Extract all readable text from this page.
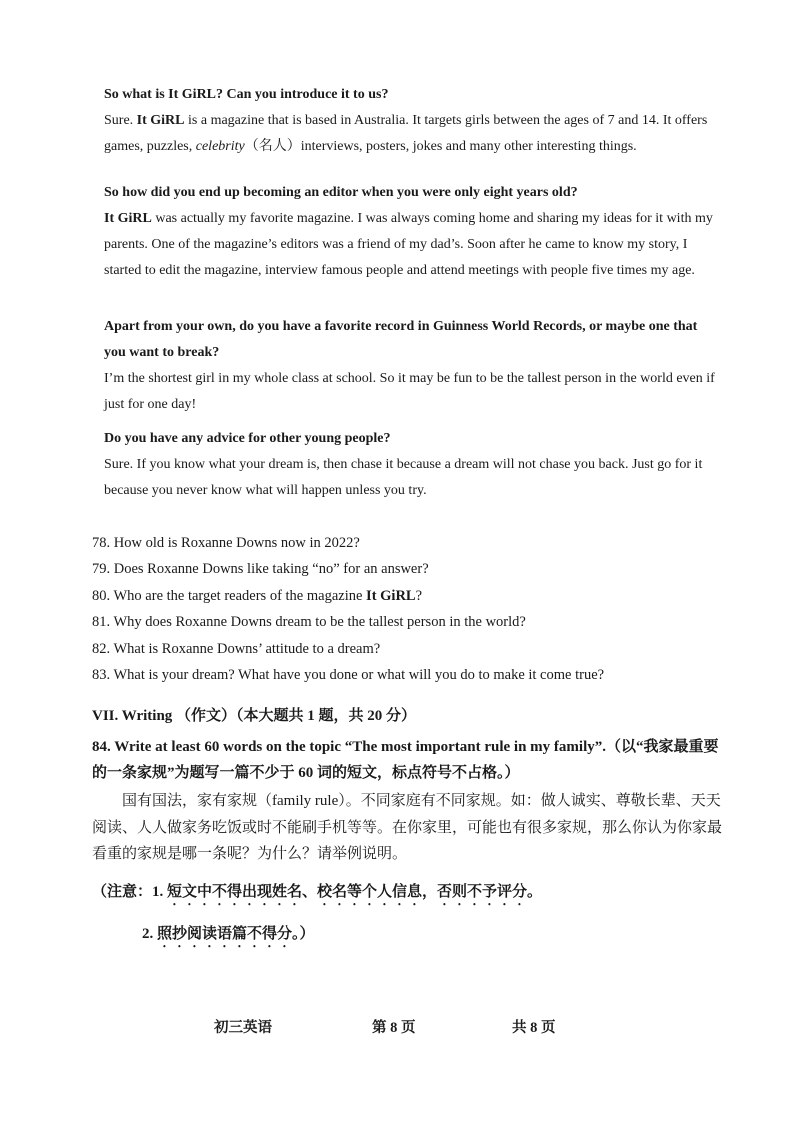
So what is It GiRL? Can you introduce it to us?

Sure. It GiRL is a magazine that is based in Australia. It targets girls between the ages of 7 and 14. It offers games, puzzles, celebrity（名人）interviews, posters, jokes and many other interesting things.

So how did you end up becoming an editor when you were only eight years old?

It GiRL was actually my favorite magazine. I was always coming home and sharing my ideas for it with my parents. One of the magazine’s editors was a friend of my dad’s. Soon after he came to know my story, I started to edit the magazine, interview famous people and attend meetings with people five times my age.

Apart from your own, do you have a favorite record in Guinness World Records, or maybe one that you want to break?

I’m the shortest girl in my whole class at school. So it may be fun to be the tallest person in the world even if just for one day!

Do you have any advice for other young people?

Sure. If you know what your dream is, then chase it because a dream will not chase you back. Just go for it because you never know what will happen unless you try.

78. How old is Roxanne Downs now in 2022?
79. Does Roxanne Downs like taking “no” for an answer?
80. Who are the target readers of the magazine It GiRL?
81. Why does Roxanne Downs dream to be the tallest person in the world?
82. What is Roxanne Downs’ attitude to a dream?
83. What is your dream? What have you done or what will you do to make it come true?
VII. Writing （作文）（本大题共 1 题，共 20 分）
84. Write at least 60 words on the topic “The most important rule in my family”.（以“我家最重要的一条家规”为题写一篇不少于 60 词的短文，标点符号不占格。）
国有国法，家有家规（family rule）。不同家庭有不同家规。如：做人诚实、尊敬长辈、天天阅读、人人做家务吃饭或时不能刷手机等等。在你家里，可能也有很多家规，那么你认为你家最看重的家规是哪一条呢？为什么？请举例说明。
（注意：1. 短文中不得出现姓名、校名等个人信息，否则不予评分。
2. 照抄阅读语篇不得分。）
初三英语	第 8 页	共 8 页
